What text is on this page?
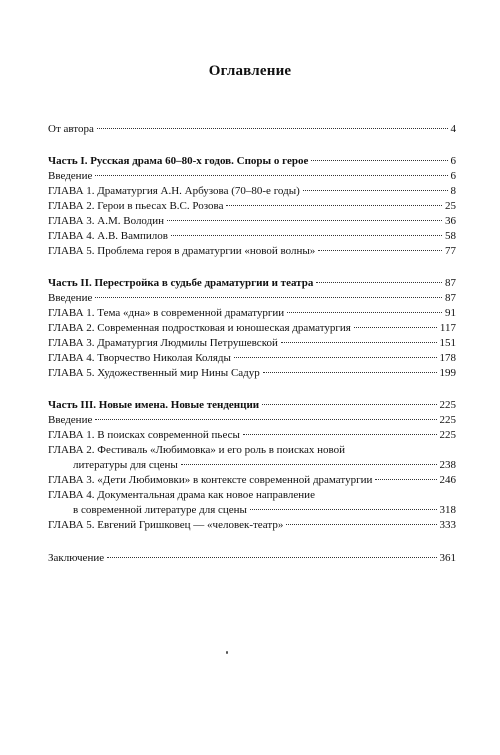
Оглавление
От автора	4
Часть I. Русская драма 60–80-х годов. Споры о герое	6
Введение	6
ГЛАВА 1. Драматургия А.Н. Арбузова (70–80-е годы)	8
ГЛАВА 2. Герои в пьесах В.С. Розова	25
ГЛАВА 3. А.М. Володин	36
ГЛАВА 4. А.В. Вампилов	58
ГЛАВА 5. Проблема героя в драматургии «новой волны»	77
Часть II. Перестройка в судьбе драматургии и театра	87
Введение	87
ГЛАВА 1. Тема «дна» в современной драматургии	91
ГЛАВА 2. Современная подростковая и юношеская драматургия	117
ГЛАВА 3. Драматургия Людмилы Петрушевской	151
ГЛАВА 4. Творчество Николая Коляды	178
ГЛАВА 5. Художественный мир Нины Садур	199
Часть III. Новые имена. Новые тенденции	225
Введение	225
ГЛАВА 1. В поисках современной пьесы	225
ГЛАВА 2. Фестиваль «Любимовка» и его роль в поисках новой
литературы для сцены	238
ГЛАВА 3. «Дети Любимовки» в контексте современной драматургии	246
ГЛАВА 4. Документальная драма как новое направление
в современной литературе для сцены	318
ГЛАВА 5. Евгений Гришковец — «человек-театр»	333
Заключение	361
